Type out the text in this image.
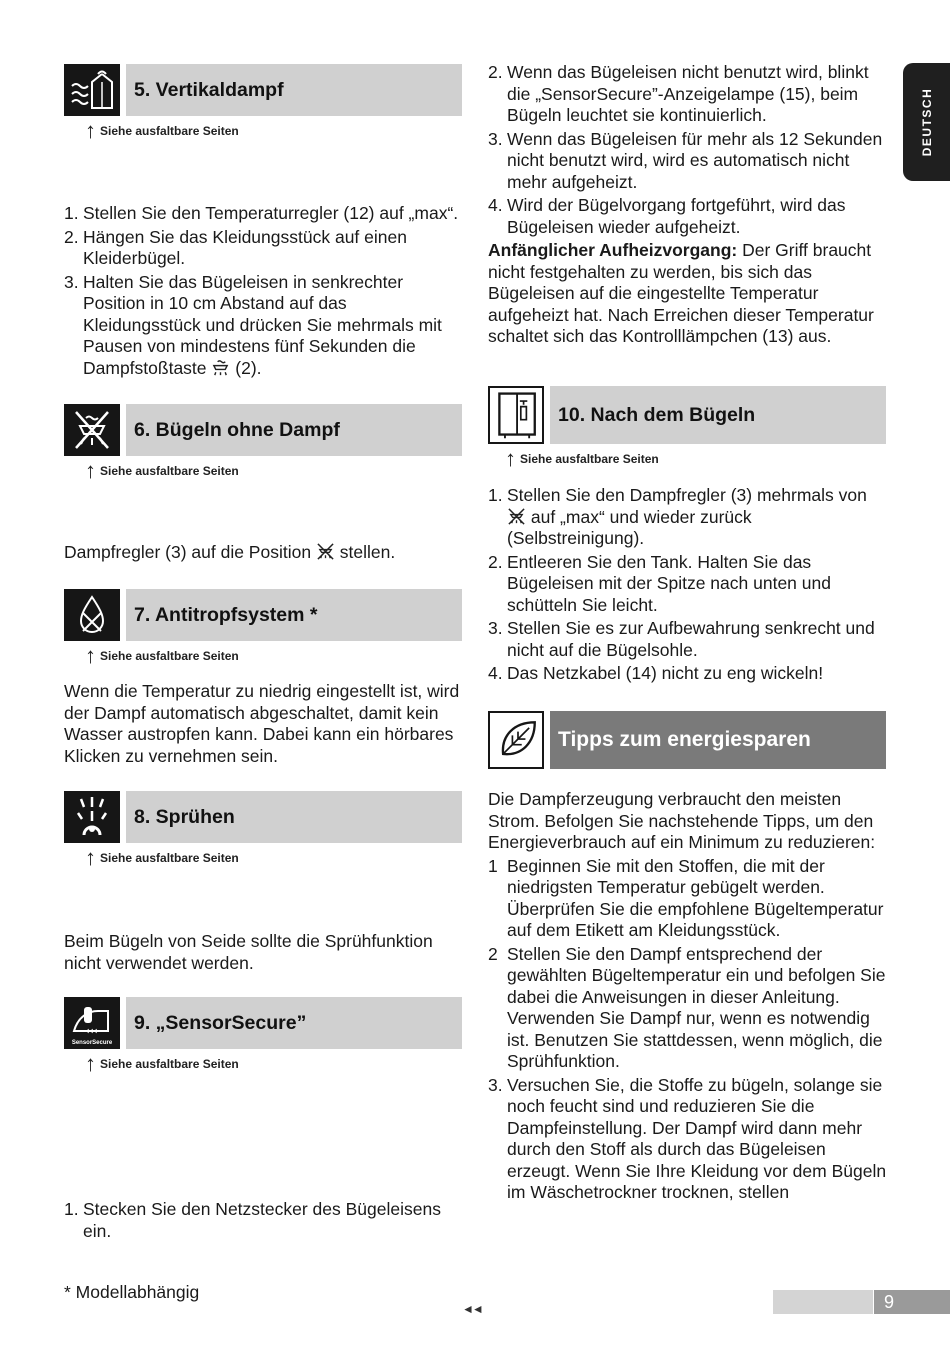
DEUTSCH
5. Vertikaldampf
↑ Siehe ausfaltbare Seiten
1. Stellen Sie den Temperaturregler (12) auf „max“.
2. Hängen Sie das Kleidungsstück auf einen Kleiderbügel.
3. Halten Sie das Bügeleisen in senkrechter Position in 10 cm Abstand auf das Kleidungsstück und drücken Sie mehrmals mit Pausen von mindestens fünf Sekunden die Dampfstoßtaste  (2).
6. Bügeln ohne Dampf
↑ Siehe ausfaltbare Seiten
Dampfregler (3) auf die Position  stellen.
7. Antitropfsystem *
↑ Siehe ausfaltbare Seiten
Wenn die Temperatur zu niedrig eingestellt ist, wird der Dampf automatisch abgeschaltet, damit kein Wasser austropfen kann. Dabei kann ein hörbares Klicken zu vernehmen sein.
8. Sprühen
↑ Siehe ausfaltbare Seiten
Beim Bügeln von Seide sollte die Sprühfunktion nicht verwendet werden.
SensorSecure
9. „SensorSecure”
↑ Siehe ausfaltbare Seiten
1. Stecken Sie den Netzstecker des Bügeleisens ein.
* Modellabhängig
2. Wenn das Bügeleisen nicht benutzt wird, blinkt die „SensorSecure”-Anzeigelampe (15), beim Bügeln leuchtet sie kontinuierlich.
3. Wenn das Bügeleisen für mehr als 12 Sekunden nicht benutzt wird, wird es automatisch nicht mehr aufgeheizt.
4. Wird der Bügelvorgang fortgeführt, wird das Bügeleisen wieder aufgeheizt.
Anfänglicher Aufheizvorgang: Der Griff braucht nicht festgehalten zu werden, bis sich das Bügeleisen auf die eingestellte Temperatur aufgeheizt hat. Nach Erreichen dieser Temperatur schaltet sich das Kontrolllämpchen (13) aus.
10. Nach dem Bügeln
↑ Siehe ausfaltbare Seiten
1. Stellen Sie den Dampfregler (3) mehrmals von  auf „max“ und wieder zurück (Selbstreinigung).
2. Entleeren Sie den Tank. Halten Sie das Bügeleisen mit der Spitze nach unten und schütteln Sie leicht.
3. Stellen Sie es zur Aufbewahrung senkrecht und nicht auf die Bügelsohle.
4. Das Netzkabel (14) nicht zu eng wickeln!
Tipps zum energiesparen
Die Dampferzeugung verbraucht den meisten Strom. Befolgen Sie nachstehende Tipps, um den Energieverbrauch auf ein Minimum zu reduzieren:
1 Beginnen Sie mit den Stoffen, die mit der niedrigsten Temperatur gebügelt werden. Überprüfen Sie die empfohlene Bügeltemperatur auf dem Etikett am Kleidungsstück.
2 Stellen Sie den Dampf entsprechend der gewählten Bügeltemperatur ein und befolgen Sie dabei die Anweisungen in dieser Anleitung. Verwenden Sie Dampf nur, wenn es notwendig ist. Benutzen Sie stattdessen, wenn möglich, die Sprühfunktion.
3. Versuchen Sie, die Stoffe zu bügeln, solange sie noch feucht sind und reduzieren Sie die Dampfeinstellung. Der Dampf wird dann mehr durch den Stoff als durch das Bügeleisen erzeugt. Wenn Sie Ihre Kleidung vor dem Bügeln im Wäschetrockner trocknen, stellen
◄◄	9
